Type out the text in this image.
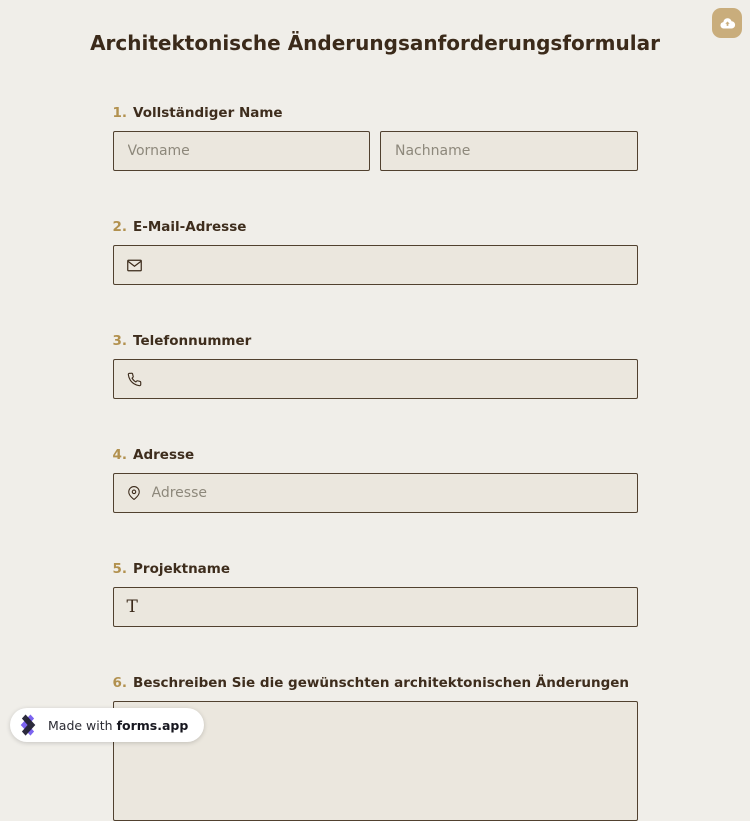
Architektonische Änderungsanforderungsformular
1. Vollständiger Name
Vorname
Nachname
2. E-Mail-Adresse
3. Telefonnummer
4. Adresse
Adresse
5. Projektname
T
6. Beschreiben Sie die gewünschten architektonischen Änderungen
Made with forms.app
